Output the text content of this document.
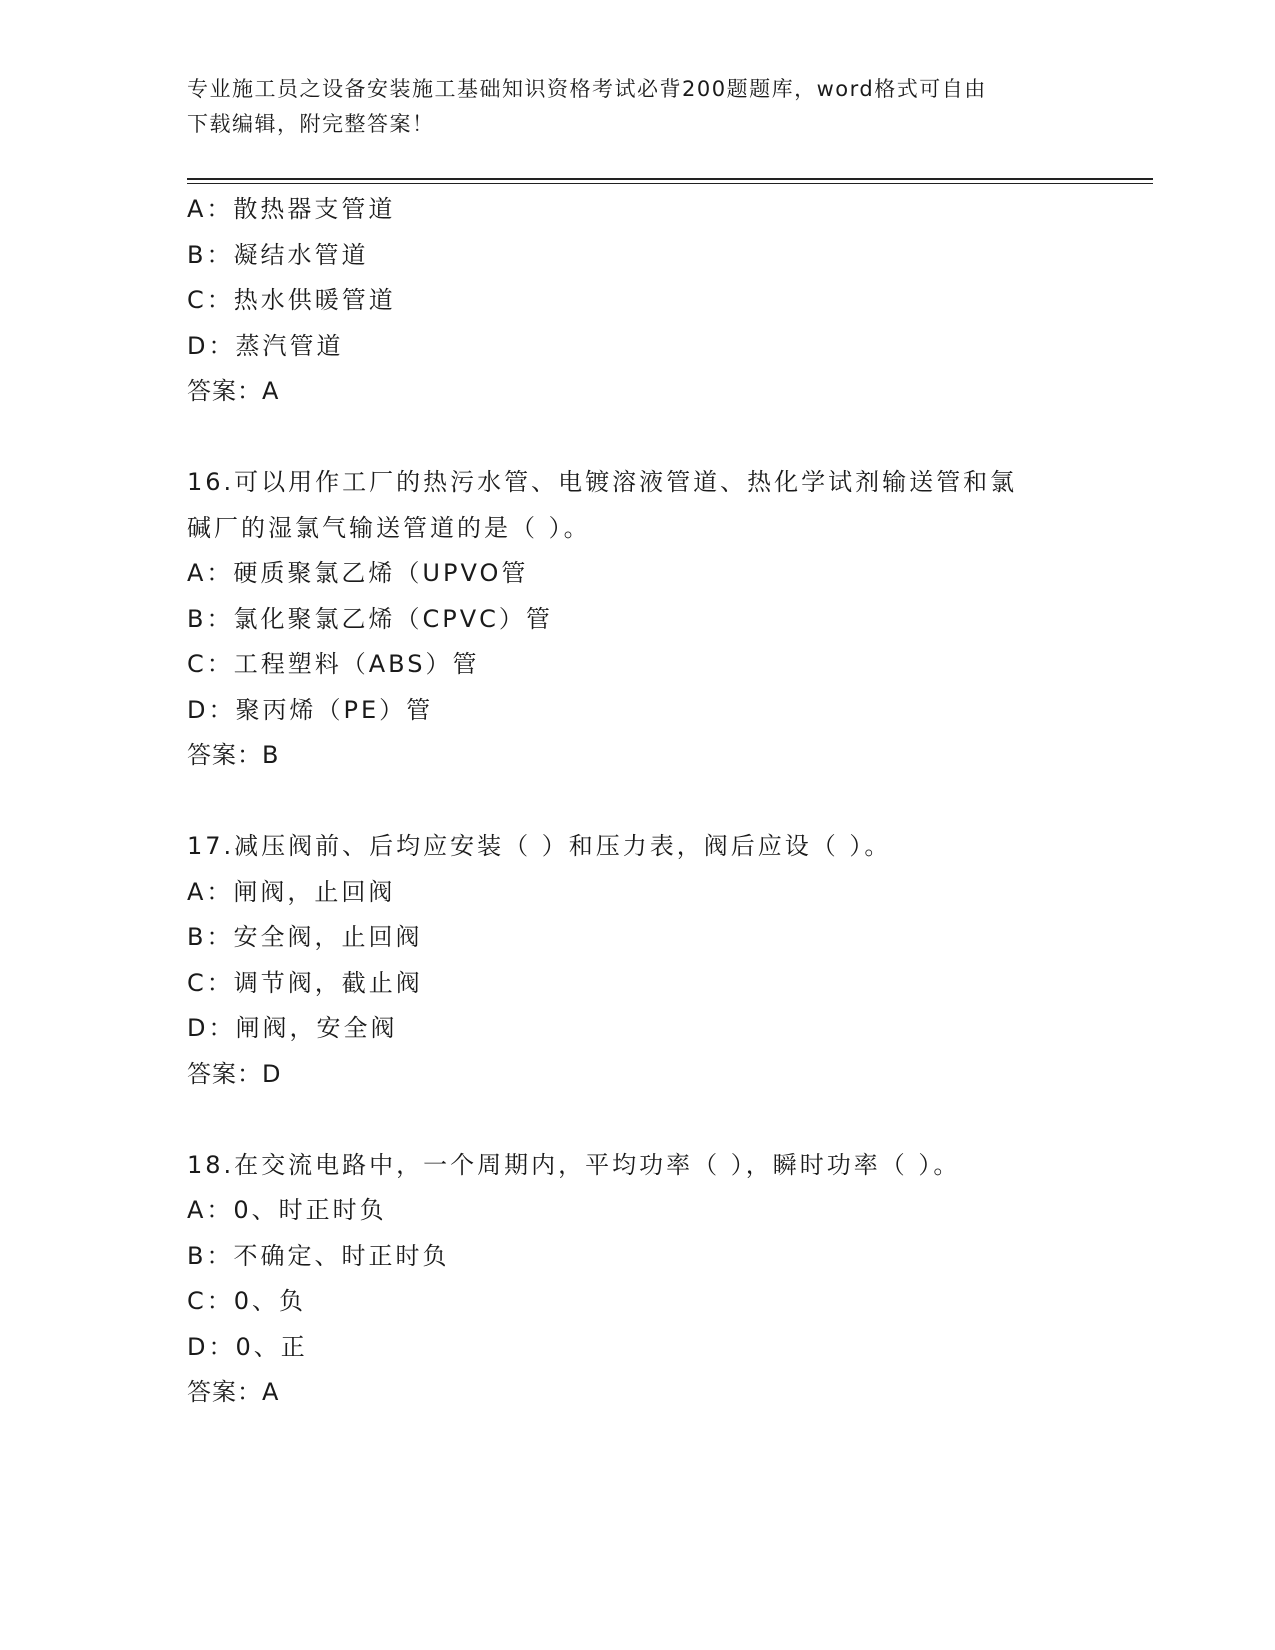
专业施工员之设备安装施工基础知识资格考试必背200题题库，word格式可自由
下载编辑，附完整答案！
A：散热器支管道
B：凝结水管道
C：热水供暖管道
D：蒸汽管道
答案：A
16.可以用作工厂的热污水管、电镀溶液管道、热化学试剂输送管和氯
碱厂的湿氯气输送管道的是（ ）。
A：硬质聚氯乙烯（UPVO管
B：氯化聚氯乙烯（CPVC）管
C：工程塑料（ABS）管
D：聚丙烯（PE）管
答案：B
17.减压阀前、后均应安装（ ）和压力表，阀后应设（ ）。
A：闸阀，止回阀
B：安全阀，止回阀
C：调节阀，截止阀
D：闸阀，安全阀
答案：D
18.在交流电路中，一个周期内，平均功率（ ），瞬时功率（ ）。
A：0、时正时负
B：不确定、时正时负
C：0、负
D：0、正
答案：A
